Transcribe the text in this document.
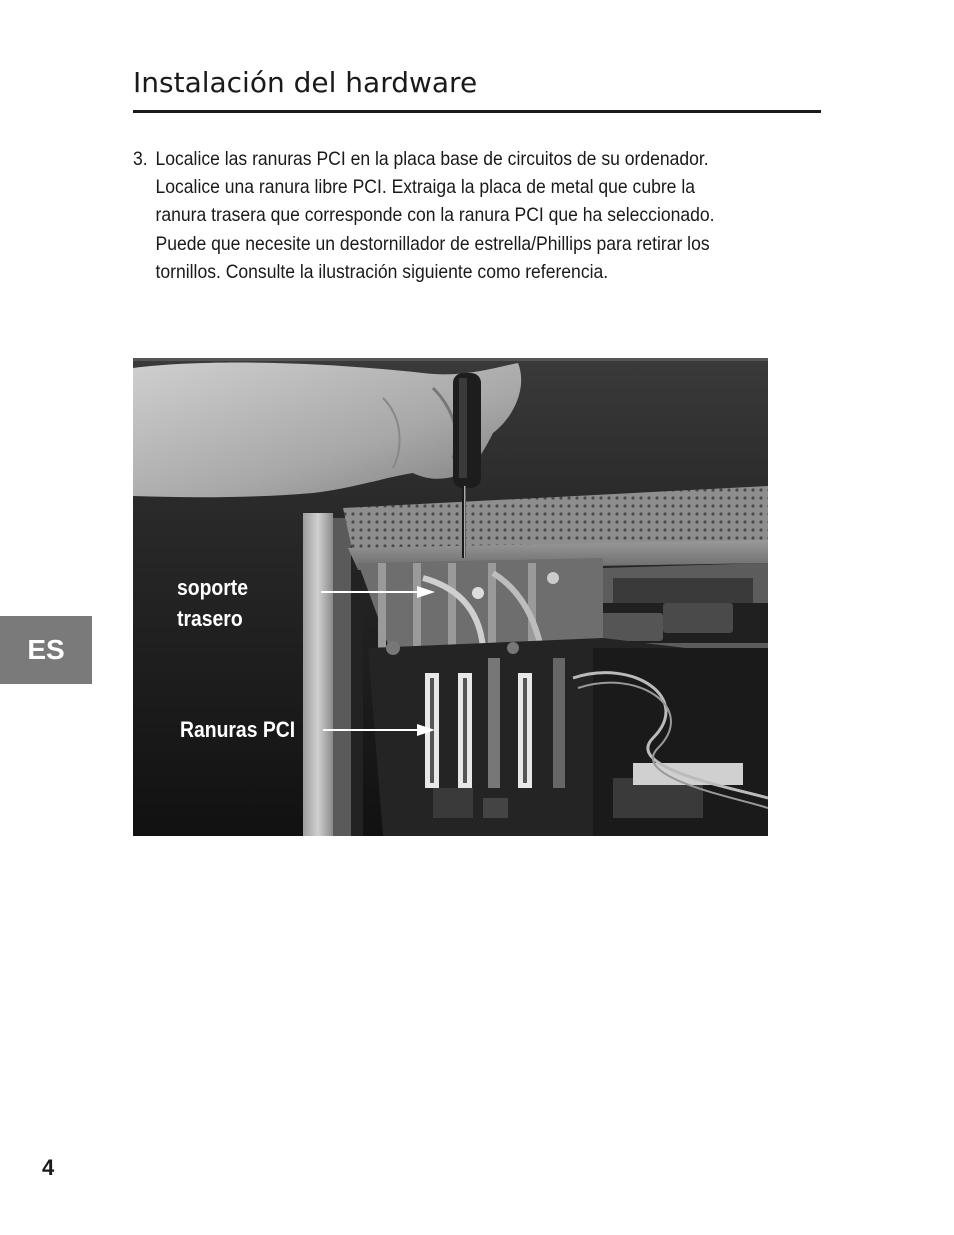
Instalación del hardware
3. Localice las ranuras PCI en la placa base de circuitos de su ordenador.
Localice una ranura libre PCI. Extraiga la placa de metal que cubre la
ranura trasera que corresponde con la ranura PCI que ha seleccionado.
Puede que necesite un destornillador de estrella/Phillips para retirar los
tornillos. Consulte la ilustración siguiente como referencia.
soporte
trasero
Ranuras PCI
ES
4
